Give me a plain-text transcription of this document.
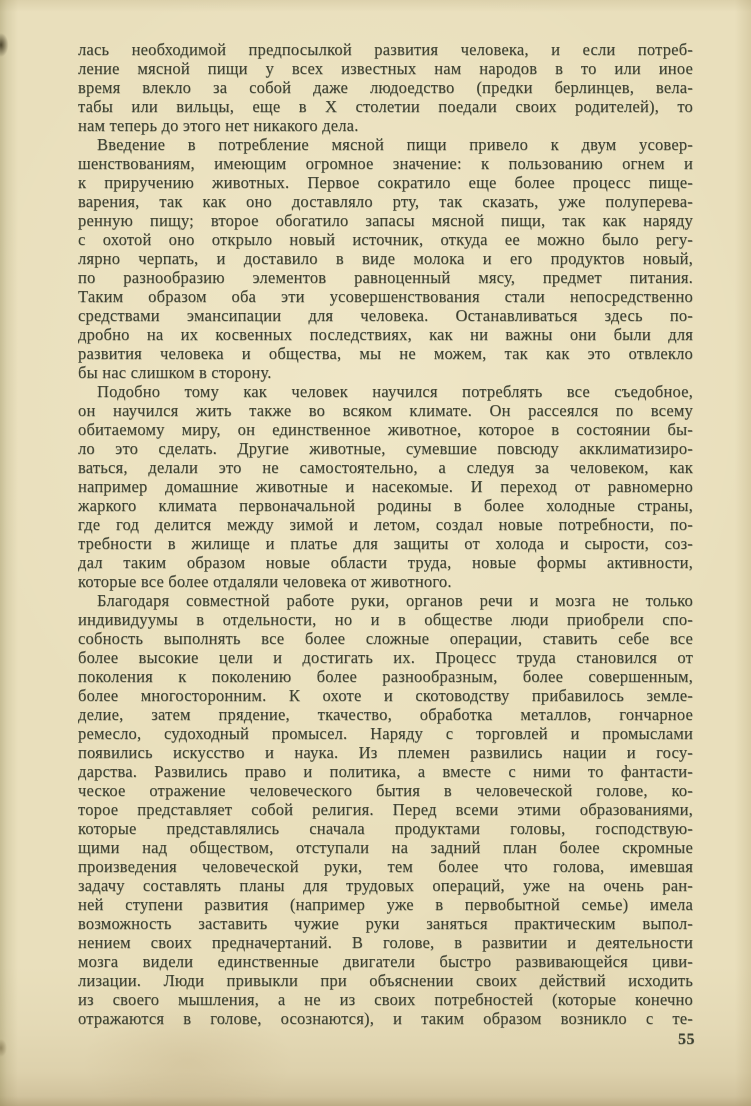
лась необходимой предпосылкой развития человека, и если потреб-
ление мясной пищи у всех известных нам народов в то или иное
время влекло за собой даже людоедство (предки берлинцев, вела-
табы или вильцы, еще в X столетии поедали своих родителей), то
нам теперь до этого нет никакого дела.
Введение в потребление мясной пищи привело к двум усовер-
шенствованиям, имеющим огромное значение: к пользованию огнем и
к приручению животных. Первое сократило еще более процесс пище-
варения, так как оно доставляло рту, так сказать, уже полуперева-
ренную пищу; второе обогатило запасы мясной пищи, так как наряду
с охотой оно открыло новый источник, откуда ее можно было регу-
лярно черпать, и доставило в виде молока и его продуктов новый,
по разнообразию элементов равноценный мясу, предмет питания.
Таким образом оба эти усовершенствования стали непосредственно
средствами эмансипации для человека. Останавливаться здесь по-
дробно на их косвенных последствиях, как ни важны они были для
развития человека и общества, мы не можем, так как это отвлекло
бы нас слишком в сторону.
Подобно тому как человек научился потреблять все съедобное,
он научился жить также во всяком климате. Он рассеялся по всему
обитаемому миру, он единственное животное, которое в состоянии бы-
ло это сделать. Другие животные, сумевшие повсюду акклиматизиро-
ваться, делали это не самостоятельно, а следуя за человеком, как
например домашние животные и насекомые. И переход от равномерно
жаркого климата первоначальной родины в более холодные страны,
где год делится между зимой и летом, создал новые потребности, по-
требности в жилище и платье для защиты от холода и сырости, соз-
дал таким образом новые области труда, новые формы активности,
которые все более отдаляли человека от животного.
Благодаря совместной работе руки, органов речи и мозга не только
индивидуумы в отдельности, но и в обществе люди приобрели спо-
собность выполнять все более сложные операции, ставить себе все
более высокие цели и достигать их. Процесс труда становился от
поколения к поколению более разнообразным, более совершенным,
более многосторонним. К охоте и скотоводству прибавилось земле-
делие, затем прядение, ткачество, обработка металлов, гончарное
ремесло, судоходный промысел. Наряду с торговлей и промыслами
появились искусство и наука. Из племен развились нации и госу-
дарства. Развились право и политика, а вместе с ними то фантасти-
ческое отражение человеческого бытия в человеческой голове, ко-
торое представляет собой религия. Перед всеми этими образованиями,
которые представлялись сначала продуктами головы, господствую-
щими над обществом, отступали на задний план более скромные
произведения человеческой руки, тем более что голова, имевшая
задачу составлять планы для трудовых операций, уже на очень ран-
ней ступени развития (например уже в первобытной семье) имела
возможность заставить чужие руки заняться практическим выпол-
нением своих предначертаний. В голове, в развитии и деятельности
мозга видели единственные двигатели быстро развивающейся циви-
лизации. Люди привыкли при объяснении своих действий исходить
из своего мышления, а не из своих потребностей (которые конечно
отражаются в голове, осознаются), и таким образом возникло с те-
55
